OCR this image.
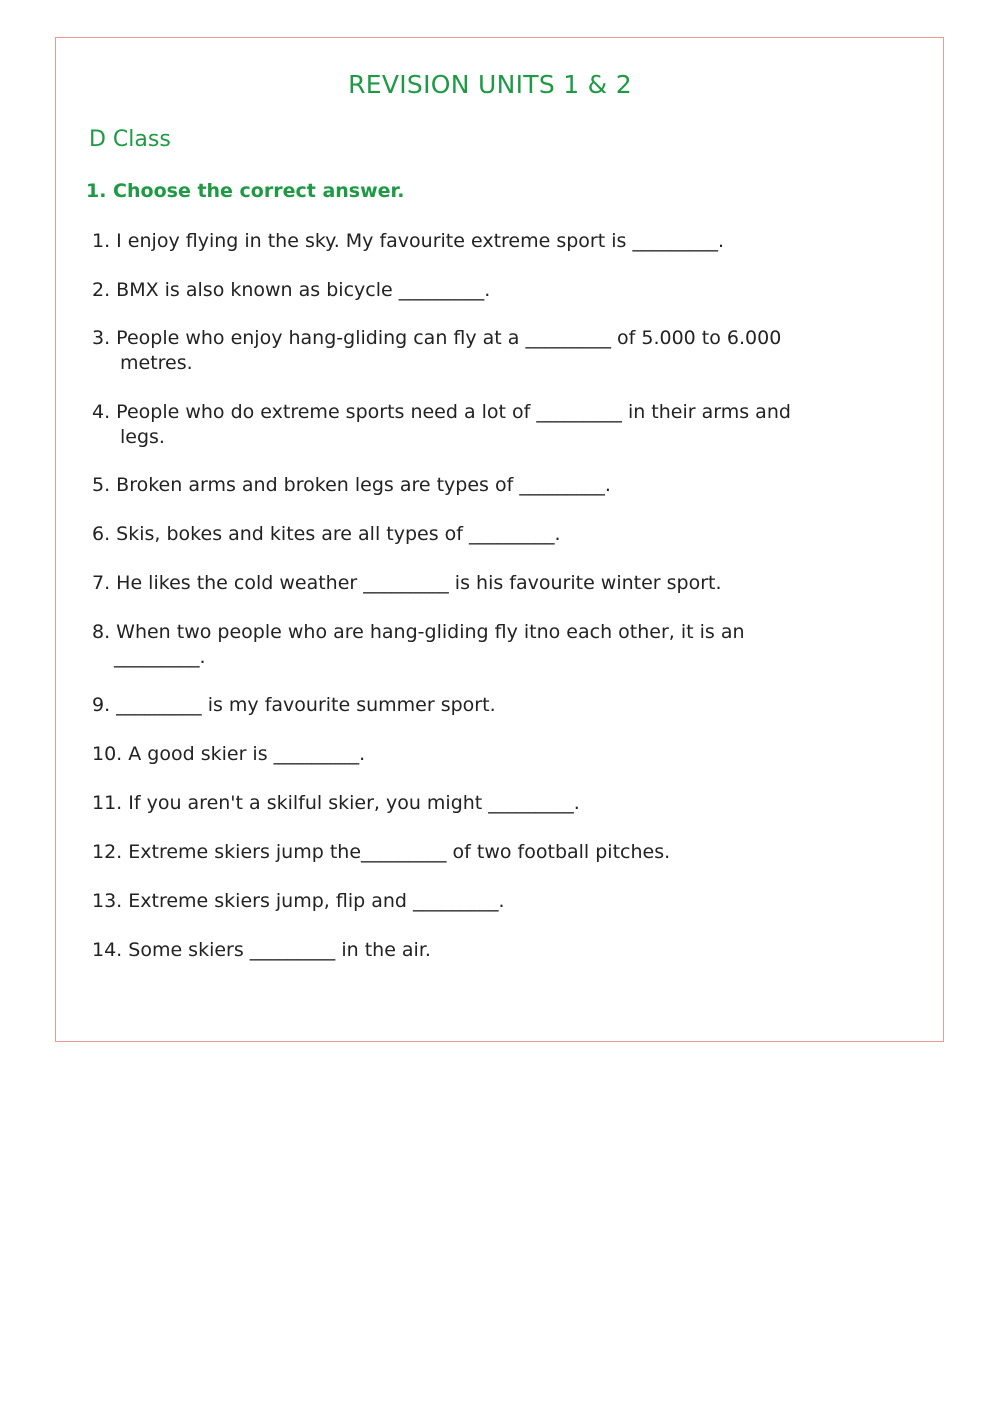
REVISION UNITS 1 & 2
D Class

1. Choose the correct answer.

1. I enjoy flying in the sky. My favourite extreme sport is _________.

2. BMX is also known as bicycle _________.

3. People who enjoy hang-gliding can fly at a _________ of 5.000 to 6.000
metres.

4. People who do extreme sports need a lot of _________ in their arms and
legs.

5. Broken arms and broken legs are types of _________.

6. Skis, bokes and kites are all types of _________.

7. He likes the cold weather _________ is his favourite winter sport.

8. When two people who are hang-gliding fly itno each other, it is an
_________.

9. _________ is my favourite summer sport.

10. A good skier is _________.

11. If you aren't a skilful skier, you might _________.

12. Extreme skiers jump the_________ of two football pitches.

13. Extreme skiers jump, flip and _________.

14. Some skiers _________ in the air.
